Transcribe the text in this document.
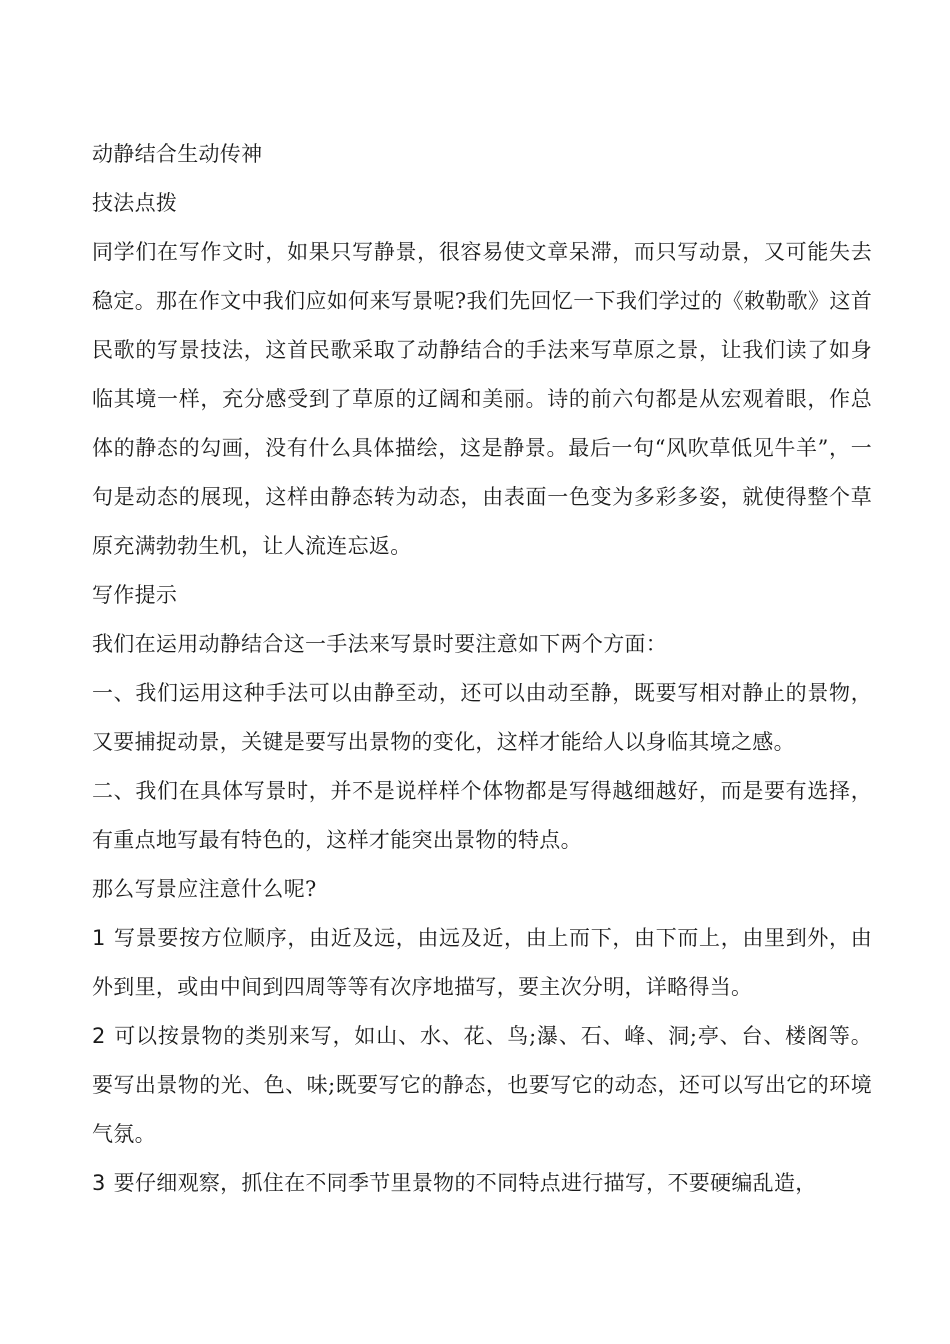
动静结合生动传神

技法点拨

同学们在写作文时，如果只写静景，很容易使文章呆滞，而只写动景，又可能失去稳定。那在作文中我们应如何来写景呢?我们先回忆一下我们学过的《敕勒歌》这首民歌的写景技法，这首民歌采取了动静结合的手法来写草原之景，让我们读了如身临其境一样，充分感受到了草原的辽阔和美丽。诗的前六句都是从宏观着眼，作总体的静态的勾画，没有什么具体描绘，这是静景。最后一句“风吹草低见牛羊”，一句是动态的展现，这样由静态转为动态，由表面一色变为多彩多姿，就使得整个草原充满勃勃生机，让人流连忘返。

写作提示

我们在运用动静结合这一手法来写景时要注意如下两个方面：

一、我们运用这种手法可以由静至动，还可以由动至静，既要写相对静止的景物，又要捕捉动景，关键是要写出景物的变化，这样才能给人以身临其境之感。

二、我们在具体写景时，并不是说样样个体物都是写得越细越好，而是要有选择，有重点地写最有特色的，这样才能突出景物的特点。

那么写景应注意什么呢?

1 写景要按方位顺序，由近及远，由远及近，由上而下，由下而上，由里到外，由外到里，或由中间到四周等等有次序地描写，要主次分明，详略得当。

2 可以按景物的类别来写，如山、水、花、鸟;瀑、石、峰、洞;亭、台、楼阁等。要写出景物的光、色、味;既要写它的静态，也要写它的动态，还可以写出它的环境气氛。

3 要仔细观察，抓住在不同季节里景物的不同特点进行描写，不要硬编乱造，
